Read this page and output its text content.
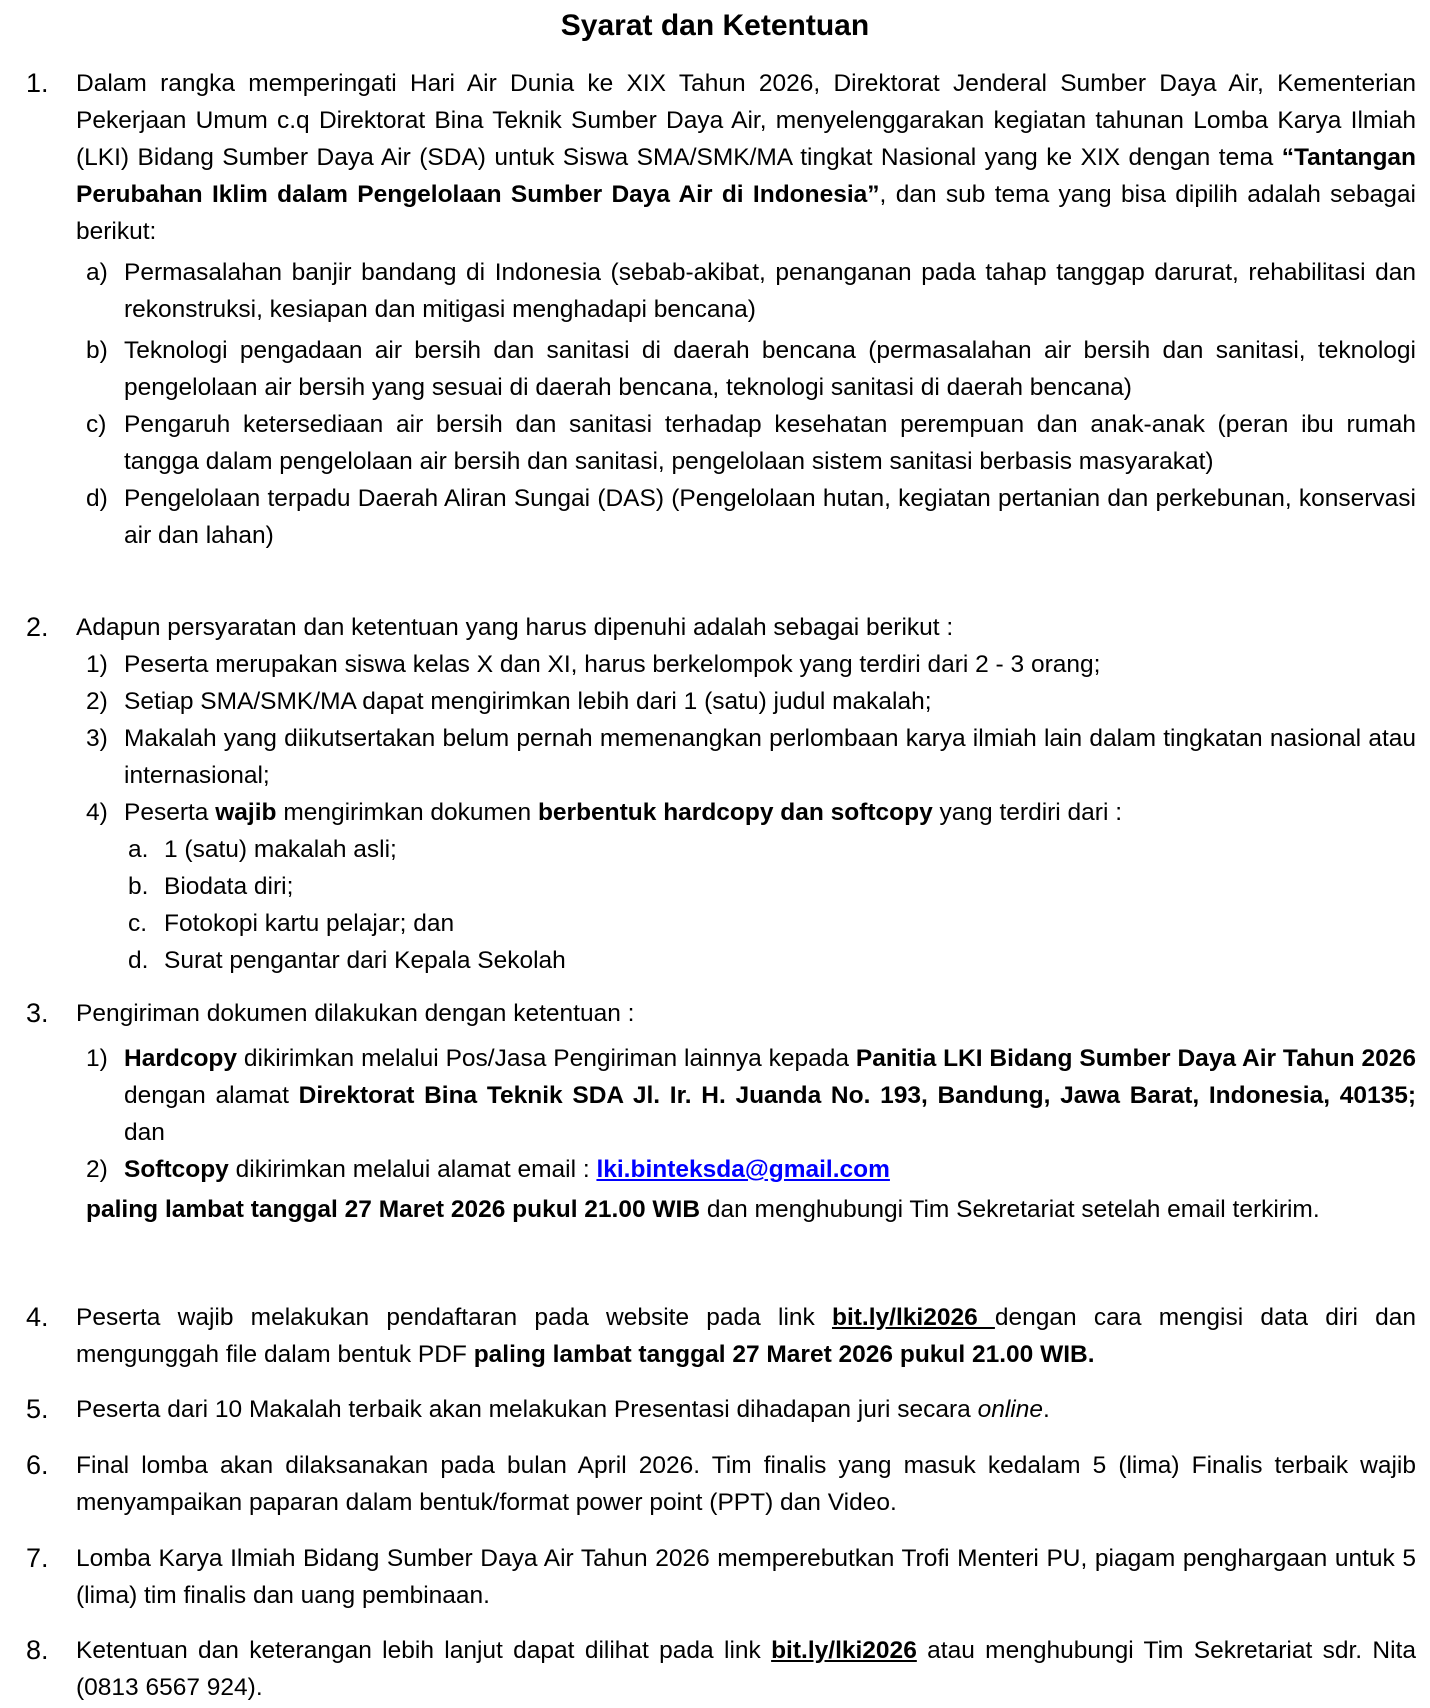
Syarat dan Ketentuan
1. Dalam rangka memperingati Hari Air Dunia ke XIX Tahun 2026, Direktorat Jenderal Sumber Daya Air, Kementerian Pekerjaan Umum c.q Direktorat Bina Teknik Sumber Daya Air, menyelenggarakan kegiatan tahunan Lomba Karya Ilmiah (LKI) Bidang Sumber Daya Air (SDA) untuk Siswa SMA/SMK/MA tingkat Nasional yang ke XIX dengan tema “Tantangan Perubahan Iklim dalam Pengelolaan Sumber Daya Air di Indonesia”, dan sub tema yang bisa dipilih adalah sebagai berikut:

a) Permasalahan banjir bandang di Indonesia (sebab-akibat, penanganan pada tahap tanggap darurat, rehabilitasi dan rekonstruksi, kesiapan dan mitigasi menghadapi bencana)
b) Teknologi pengadaan air bersih dan sanitasi di daerah bencana (permasalahan air bersih dan sanitasi, teknologi pengelolaan air bersih yang sesuai di daerah bencana, teknologi sanitasi di daerah bencana)
c) Pengaruh ketersediaan air bersih dan sanitasi terhadap kesehatan perempuan dan anak-anak (peran ibu rumah tangga dalam pengelolaan air bersih dan sanitasi, pengelolaan sistem sanitasi berbasis masyarakat)
d) Pengelolaan terpadu Daerah Aliran Sungai (DAS) (Pengelolaan hutan, kegiatan pertanian dan perkebunan, konservasi air dan lahan)
2. Adapun persyaratan dan ketentuan yang harus dipenuhi adalah sebagai berikut :

1) Peserta merupakan siswa kelas X dan XI, harus berkelompok yang terdiri dari 2 - 3 orang;
2) Setiap SMA/SMK/MA dapat mengirimkan lebih dari 1 (satu) judul makalah;
3) Makalah yang diikutsertakan belum pernah memenangkan perlombaan karya ilmiah lain dalam tingkatan nasional atau internasional;
4) Peserta wajib mengirimkan dokumen berbentuk hardcopy dan softcopy yang terdiri dari :
a. 1 (satu) makalah asli;
b. Biodata diri;
c. Fotokopi kartu pelajar; dan
d. Surat pengantar dari Kepala Sekolah
3. Pengiriman dokumen dilakukan dengan ketentuan :

1) Hardcopy dikirimkan melalui Pos/Jasa Pengiriman lainnya kepada Panitia LKI Bidang Sumber Daya Air Tahun 2026 dengan alamat Direktorat Bina Teknik SDA Jl. Ir. H. Juanda No. 193, Bandung, Jawa Barat, Indonesia, 40135; dan
2) Softcopy dikirimkan melalui alamat email : lki.binteksda@gmail.com

paling lambat tanggal 27 Maret 2026 pukul 21.00 WIB dan menghubungi Tim Sekretariat setelah email terkirim.

4. Peserta wajib melakukan pendaftaran pada website pada link bit.ly/lki2026 dengan cara mengisi data diri dan mengunggah file dalam bentuk PDF paling lambat tanggal 27 Maret 2026 pukul 21.00 WIB.

5. Peserta dari 10 Makalah terbaik akan melakukan Presentasi dihadapan juri secara online.

6. Final lomba akan dilaksanakan pada bulan April 2026. Tim finalis yang masuk kedalam 5 (lima) Finalis terbaik wajib menyampaikan paparan dalam bentuk/format power point (PPT) dan Video.

7. Lomba Karya Ilmiah Bidang Sumber Daya Air Tahun 2026 memperebutkan Trofi Menteri PU, piagam penghargaan untuk 5 (lima) tim finalis dan uang pembinaan.

8. Ketentuan dan keterangan lebih lanjut dapat dilihat pada link bit.ly/lki2026 atau menghubungi Tim Sekretariat sdr. Nita (0813 6567 924).
